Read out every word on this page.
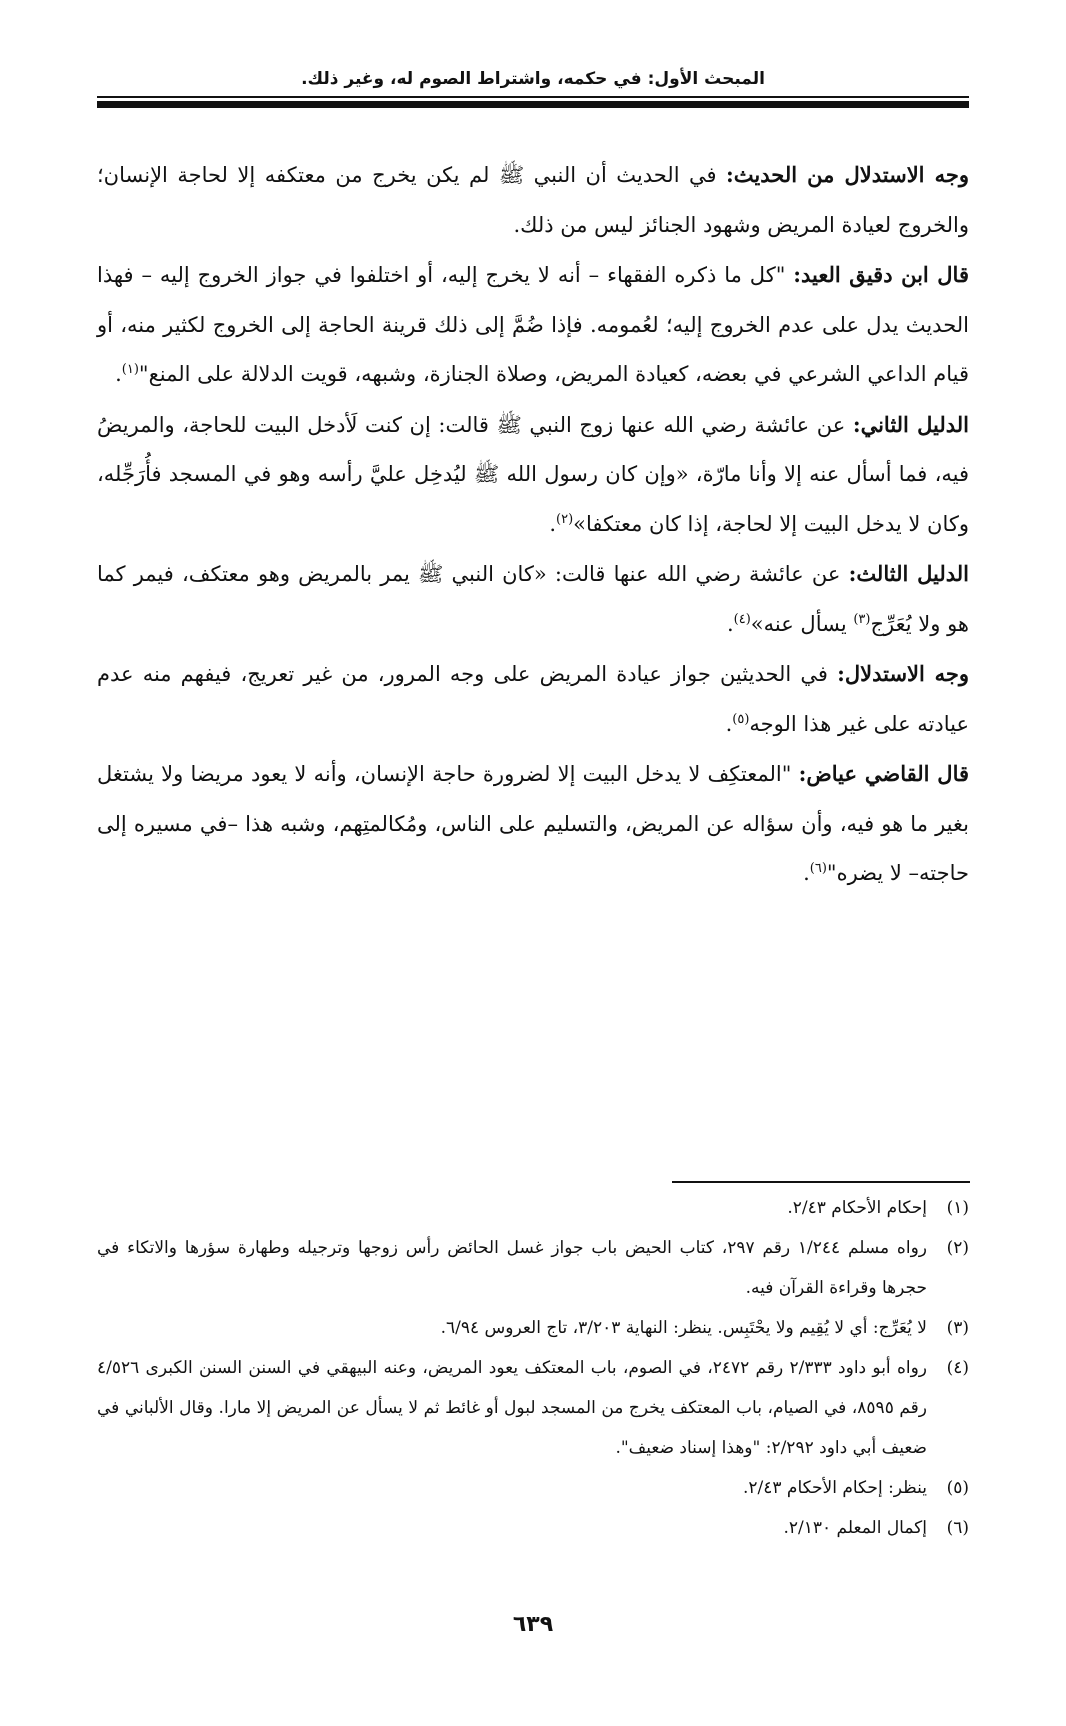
المبحث الأول: في حكمه، واشتراط الصوم له، وغير ذلك.

وجه الاستدلال من الحديث: في الحديث أن النبي ﷺ لم يكن يخرج من معتكفه إلا لحاجة الإنسان؛ والخروج لعيادة المريض وشهود الجنائز ليس من ذلك.

قال ابن دقيق العيد: "كل ما ذكره الفقهاء – أنه لا يخرج إليه، أو اختلفوا في جواز الخروج إليه – فهذا الحديث يدل على عدم الخروج إليه؛ لعُمومه. فإذا ضُمَّ إلى ذلك قرينة الحاجة إلى الخروج لكثير منه، أو قيام الداعي الشرعي في بعضه، كعيادة المريض، وصلاة الجنازة، وشبهه، قويت الدلالة على المنع"$^{(١)}$.

الدليل الثاني: عن عائشة رضي الله عنها زوج النبي ﷺ قالت: إن كنت لَأدخل البيت للحاجة، والمريضُ فيه، فما أسأل عنه إلا وأنا مارّة، «وإن كان رسول الله ﷺ ليُدخِل عليَّ رأسه وهو في المسجد فأُرَجِّله، وكان لا يدخل البيت إلا لحاجة، إذا كان معتكفا»$^{(٢)}$.

الدليل الثالث: عن عائشة رضي الله عنها قالت: «كان النبي ﷺ يمر بالمريض وهو معتكف، فيمر كما هو ولا يُعَرِّج$^{(٣)}$ يسأل عنه»$^{(٤)}$.

وجه الاستدلال: في الحديثين جواز عيادة المريض على وجه المرور، من غير تعريج، فيفهم منه عدم عيادته على غير هذا الوجه$^{(٥)}$.

قال القاضي عياض: "المعتكِف لا يدخل البيت إلا لضرورة حاجة الإنسان، وأنه لا يعود مريضا ولا يشتغل بغير ما هو فيه، وأن سؤاله عن المريض، والتسليم على الناس، ومُكالمتِهم، وشبه هذا –في مسيره إلى حاجته– لا يضره"$^{(٦)}$.

(١)إحكام الأحكام ٢/٤٣.

(٢)رواه مسلم ١/٢٤٤ رقم ٢٩٧، كتاب الحيض باب جواز غسل الحائض رأس زوجها وترجيله وطهارة سؤرها والاتكاء في حجرها وقراءة القرآن فيه.

(٣)لا يُعَرِّج: أي لا يُقِيم ولا يحْتَبِس. ينظر: النهاية ٣/٢٠٣، تاج العروس ٦/٩٤.

(٤)رواه أبو داود ٢/٣٣٣ رقم ٢٤٧٢، في الصوم، باب المعتكف يعود المريض، وعنه البيهقي في السنن السنن الكبرى ٤/٥٢٦ رقم ٨٥٩٥، في الصيام، باب المعتكف يخرج من المسجد لبول أو غائط ثم لا يسأل عن المريض إلا مارا. وقال الألباني في ضعيف أبي داود ٢/٢٩٢: "وهذا إسناد ضعيف".

(٥)ينظر: إحكام الأحكام ٢/٤٣.

(٦)إكمال المعلم ٢/١٣٠.

٦٣٩
